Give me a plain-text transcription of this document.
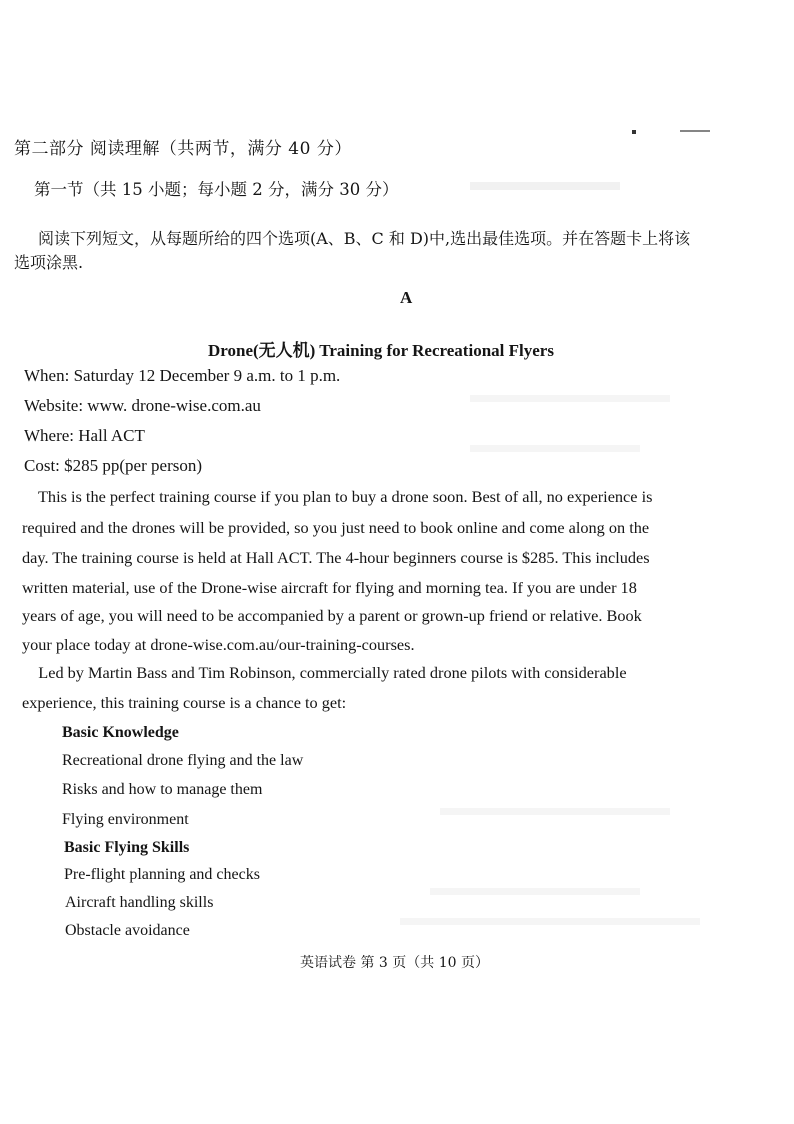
第二部分 阅读理解（共两节，满分 40 分）
第一节（共 15 小题；每小题 2 分，满分 30 分）
阅读下列短文，从每题所给的四个选项(A、B、C 和 D)中,选出最佳选项。并在答题卡上将该
选项涂黑.
A
Drone(无人机) Training for Recreational Flyers
When: Saturday 12 December 9 a.m. to 1 p.m.
Website: www. drone-wise.com.au
Where: Hall ACT
Cost: $285 pp(per person)
This is the perfect training course if you plan to buy a drone soon. Best of all, no experience is
required and the drones will be provided, so you just need to book online and come along on the
day. The training course is held at Hall ACT. The 4-hour beginners course is $285. This includes
written material, use of the Drone-wise aircraft for flying and morning tea. If you are under 18
years of age, you will need to be accompanied by a parent or grown-up friend or relative. Book
your place today at drone-wise.com.au/our-training-courses.
Led by Martin Bass and Tim Robinson, commercially rated drone pilots with considerable
experience, this training course is a chance to get:
Basic Knowledge
Recreational drone flying and the law
Risks and how to manage them
Flying environment
Basic Flying Skills
Pre-flight planning and checks
Aircraft handling skills
Obstacle avoidance
英语试卷 第 3 页（共 10 页）
